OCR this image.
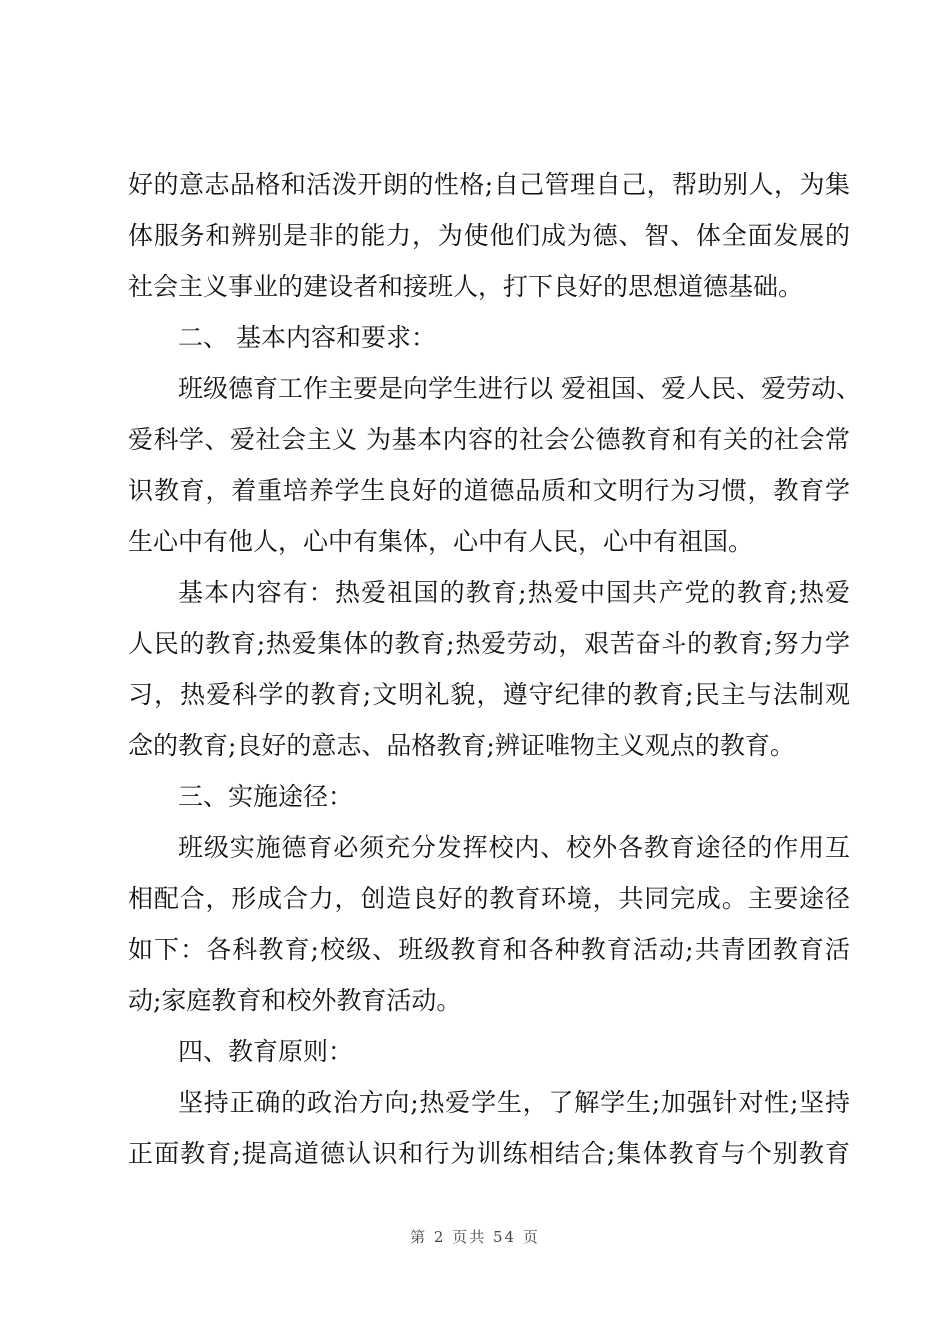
好的意志品格和活泼开朗的性格;自己管理自己，帮助别人，为集
体服务和辨别是非的能力，为使他们成为德、智、体全面发展的
社会主义事业的建设者和接班人，打下良好的思想道德基础。
二、 基本内容和要求：
班级德育工作主要是向学生进行以 爱祖国、爱人民、爱劳动、
爱科学、爱社会主义 为基本内容的社会公德教育和有关的社会常
识教育，着重培养学生良好的道德品质和文明行为习惯，教育学
生心中有他人，心中有集体，心中有人民，心中有祖国。
基本内容有：热爱祖国的教育;热爱中国共产党的教育;热爱
人民的教育;热爱集体的教育;热爱劳动，艰苦奋斗的教育;努力学
习，热爱科学的教育;文明礼貌，遵守纪律的教育;民主与法制观
念的教育;良好的意志、品格教育;辨证唯物主义观点的教育。
三、实施途径：
班级实施德育必须充分发挥校内、校外各教育途径的作用互
相配合，形成合力，创造良好的教育环境，共同完成。主要途径
如下：各科教育;校级、班级教育和各种教育活动;共青团教育活
动;家庭教育和校外教育活动。
四、教育原则：
坚持正确的政治方向;热爱学生，了解学生;加强针对性;坚持
正面教育;提高道德认识和行为训练相结合;集体教育与个别教育
第 2 页共 54 页
